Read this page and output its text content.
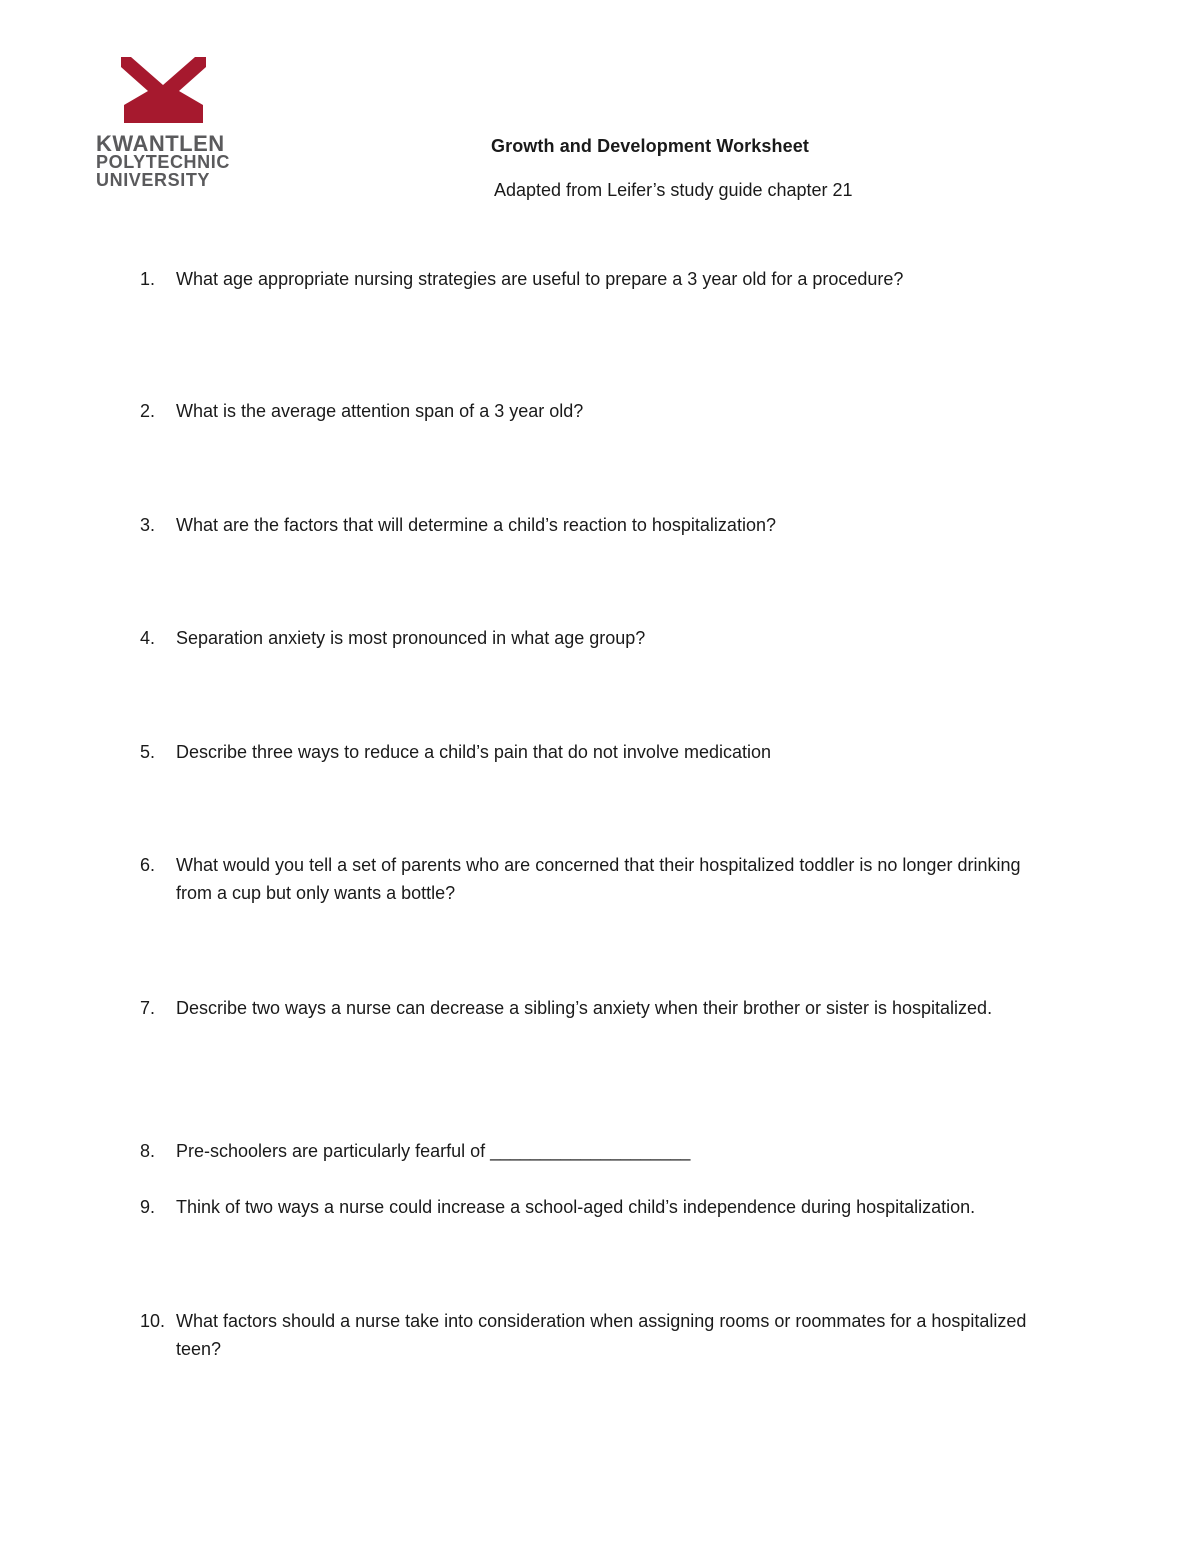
KWANTLEN
POLYTECHNIC
UNIVERSITY
Growth and Development Worksheet
Adapted from Leifer’s study guide chapter 21
1.	What age appropriate nursing strategies are useful to prepare a 3 year old for a procedure?
2.	What is the average attention span of a 3 year old?
3.	What are the factors that will determine a child’s reaction to hospitalization?
4.	Separation anxiety is most pronounced in what age group?
5.	Describe three ways to reduce a child’s pain that do not involve medication
6.	What would you tell a set of parents who are concerned that their hospitalized toddler is no longer drinking from a cup but only wants a bottle?
7.	Describe two ways a nurse can decrease a sibling’s anxiety when their brother or sister is hospitalized.
8.	Pre-schoolers are particularly fearful of ____________________
9.	Think of two ways a nurse could increase a school-aged child’s independence during hospitalization.
10. What factors should a nurse take into consideration when assigning rooms or roommates for a hospitalized teen?
